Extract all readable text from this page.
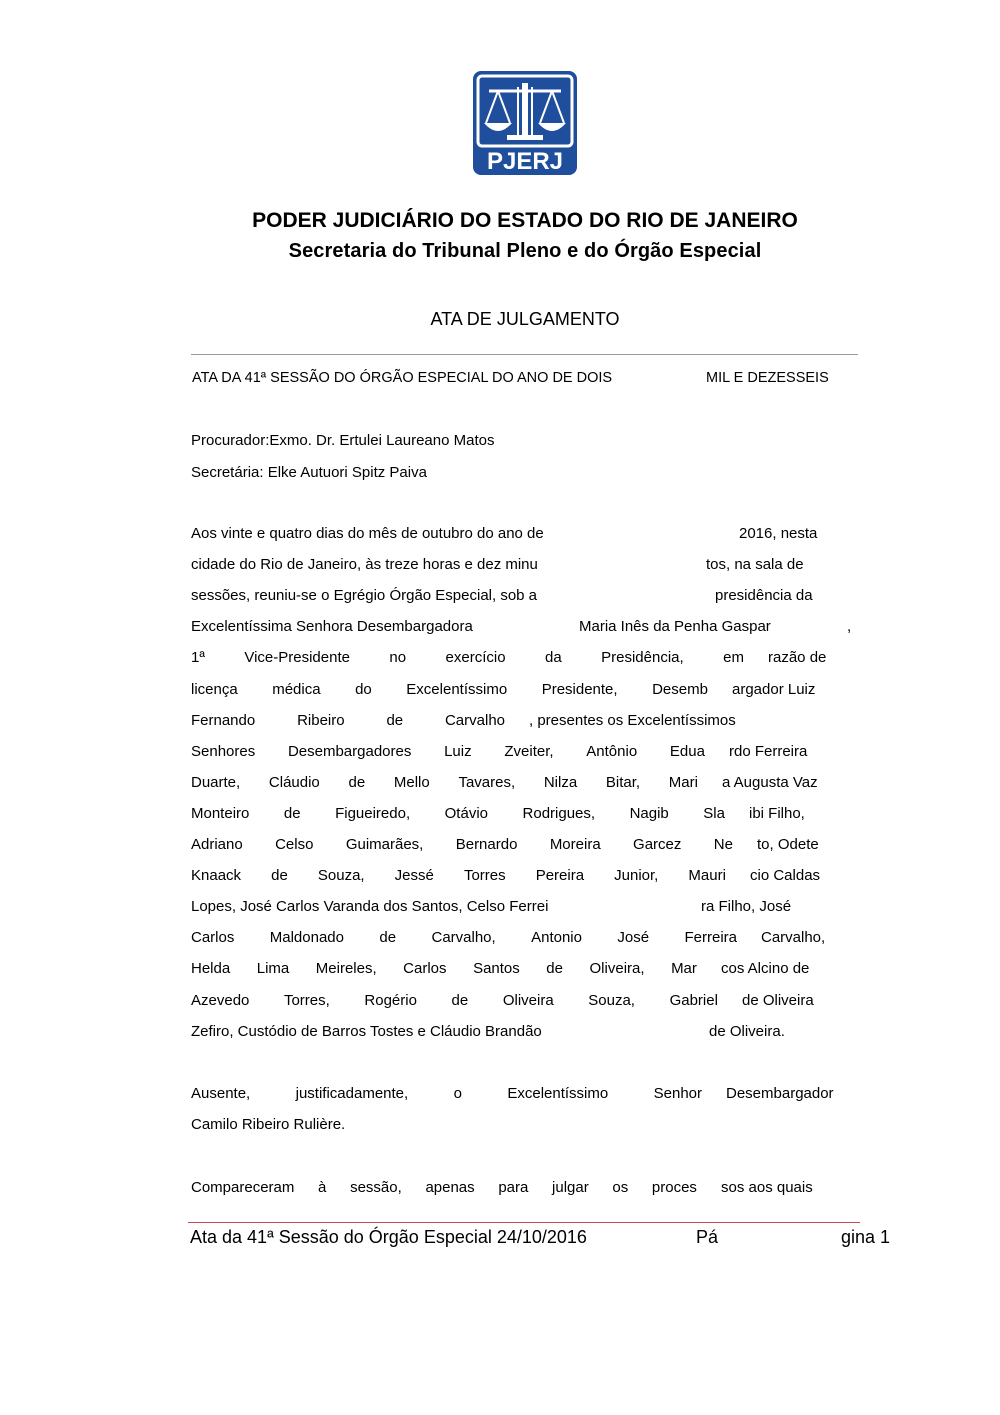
PJERJ
PODER JUDICIÁRIO DO ESTADO DO RIO DE JANEIRO
Secretaria do Tribunal Pleno e do Órgão Especial
ATA DE JULGAMENTO
ATA DA 41ª SESSÃO DO ÓRGÃO ESPECIAL DO ANO DE DOIS	MIL E DEZESSEIS
Procurador:Exmo. Dr. Ertulei Laureano Matos
Secretária: Elke Autuori Spitz Paiva
Aos vinte e quatro dias do mês de outubro do ano de	2016, nesta
cidade do Rio de Janeiro, às treze horas e dez minu	tos, na sala de
sessões, reuniu-se o Egrégio Órgão Especial, sob a	presidência da
Excelentíssima Senhora Desembargadora	Maria Inês da Penha Gaspar	,
1ª	Vice-Presidente	no	exercício	da	Presidência,	em razão de
licença médica do Excelentíssimo Presidente, Desemb argador Luiz
Fernando	Ribeiro	de	Carvalho , presentes os Excelentíssimos
Senhores Desembargadores Luiz Zveiter, Antônio Edua rdo Ferreira
Duarte, Cláudio de Mello Tavares, Nilza Bitar, Mari a Augusta Vaz
Monteiro de Figueiredo, Otávio Rodrigues, Nagib Sla ibi Filho,
Adriano Celso Guimarães, Bernardo Moreira Garcez Ne to, Odete
Knaack de Souza, Jessé Torres Pereira Junior, Mauri cio Caldas
Lopes, José Carlos Varanda dos Santos, Celso Ferrei	ra Filho, José
Carlos Maldonado de Carvalho, Antonio José Ferreira Carvalho,
Helda Lima Meireles, Carlos Santos de Oliveira, Mar cos Alcino de
Azevedo Torres, Rogério de Oliveira Souza, Gabriel de Oliveira
Zefiro, Custódio de Barros Tostes e Cláudio Brandão	de Oliveira.
Ausente,	justificadamente,	o	Excelentíssimo	Senhor Desembargador
Camilo Ribeiro Rulière.
Compareceram à sessão, apenas para julgar os proces sos aos quais
Ata da 41ª Sessão do Órgão Especial 24/10/2016	Pá	gina 1
